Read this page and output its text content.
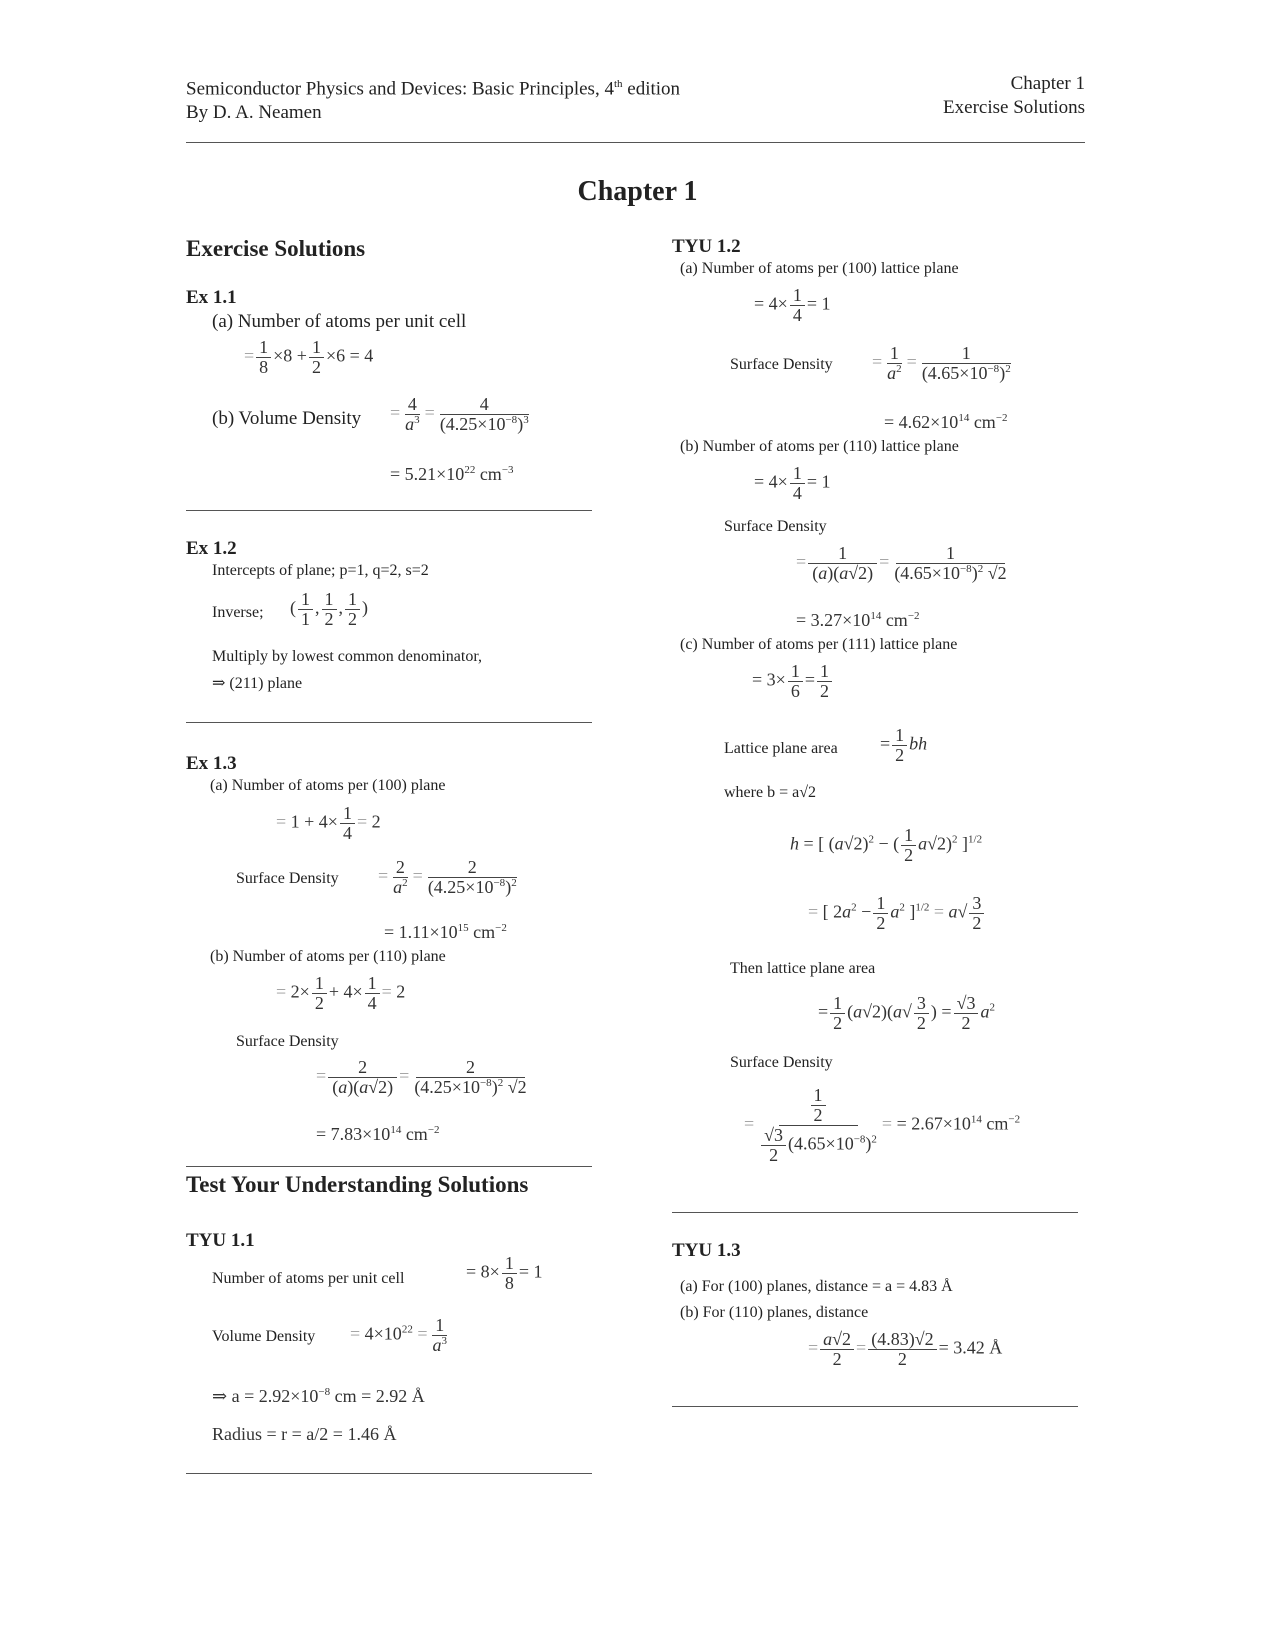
Semiconductor Physics and Devices: Basic Principles, 4th edition
By D. A. Neamen
Chapter 1
Exercise Solutions
Chapter 1
Exercise Solutions
Ex 1.1
(a) Number of atoms per unit cell
= $\frac{1}{8} \times 8 + \frac{1}{2} \times 6 = 4$
(b) Volume Density = $\frac{4}{a^3} = \frac{4}{(4.25\times 10^{-8})^3}$
= $5.21\times 10^{22}$ $cm^{-3}$
Ex 1.2
Intercepts of plane; p=1, q=2, s=2
Inverse; ( $\frac{1}{1}$ , $\frac{1}{2}$ , $\frac{1}{2}$ )
Multiply by lowest common denominator,
⇒ (211) plane
Ex 1.3
(a) Number of atoms per (100) plane
= $1 + 4\times \frac{1}{4} = 2$
Surface Density = $\frac{2}{a^2} = \frac{2}{(4.25\times 10^{-8})^2}$
= $1.11\times 10^{15}$ $cm^{-2}$
(b) Number of atoms per (110) plane
= $2\times \frac{1}{2} + 4\times \frac{1}{4} = 2$
Surface Density
= $\frac{2}{(a)(a√2)} = \frac{2}{(4.25\times 10^{-8})^2 √2}$
= $7.83\times 10^{14}$ $cm^{-2}$
Test Your Understanding Solutions
TYU 1.1
Number of atoms per unit cell	= $8\times \frac{1}{8} = 1$
Volume Density = $4\times 10^{22} = \frac{1}{a^3}$
⇒ $a = 2.92\times 10^{-8}$ cm = 2.92 Å
Radius = r = a/2 = 1.46 Å
TYU 1.2
(a) Number of atoms per (100) lattice plane
= $4\times \frac{1}{4} = 1$
Surface Density = $\frac{1}{a^2} = \frac{1}{(4.65\times 10^{-8})^2}$
= $4.62\times 10^{14}$ $cm^{-2}$
(b) Number of atoms per (110) lattice plane
= $4\times \frac{1}{4} = 1$
Surface Density
= $\frac{1}{(a)(a√2)} = \frac{1}{(4.65\times 10^{-8})^2 √2}$
= $3.27\times 10^{14}$ $cm^{-2}$
(c) Number of atoms per (111) lattice plane
= $3\times \frac{1}{6} = \frac{1}{2}$
Lattice plane area = $\frac{1}{2}$ bh
where b = a√2
h = [ $(a√2)^2$ − ( $\frac{1}{2} a√2)^2$ ]$^{1/2}$
= [ $2a^2 - \frac{1}{2} a^2$ ]$^{1/2} = a√ \frac{3}{2}$
Then lattice plane area
= $\frac{1}{2} (a√2)(a√ \frac{3}{2}$ ) = $\frac{√3}{2} a^2$
Surface Density
= $\frac{\frac{1}{2}}{\frac{√3}{2} (4.65\times 10^{-8})^2}$ = = $2.67\times 10^{14}$ $cm^{-2}$
TYU 1.3
(a) For (100) planes, distance = a = 4.83 Å
(b) For (110) planes, distance
= $\frac{a√2}{2} = \frac{(4.83)√2}{2} = 3.42$ Å
